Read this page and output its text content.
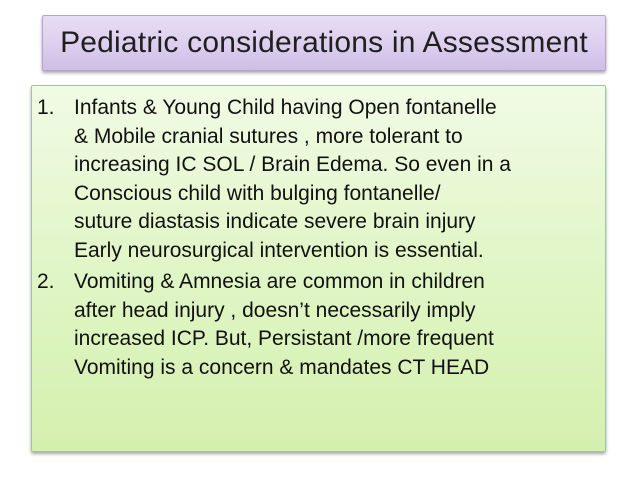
Pediatric considerations in Assessment
1. Infants & Young Child having Open fontanelle
& Mobile cranial sutures , more tolerant to
increasing IC SOL / Brain Edema. So even in a
Conscious child with bulging fontanelle/
suture diastasis indicate severe brain injury
Early neurosurgical intervention is essential.
2. Vomiting & Amnesia are common in children
after head injury , doesn’t necessarily imply
increased ICP. But, Persistant /more frequent
Vomiting is a concern & mandates CT HEAD
